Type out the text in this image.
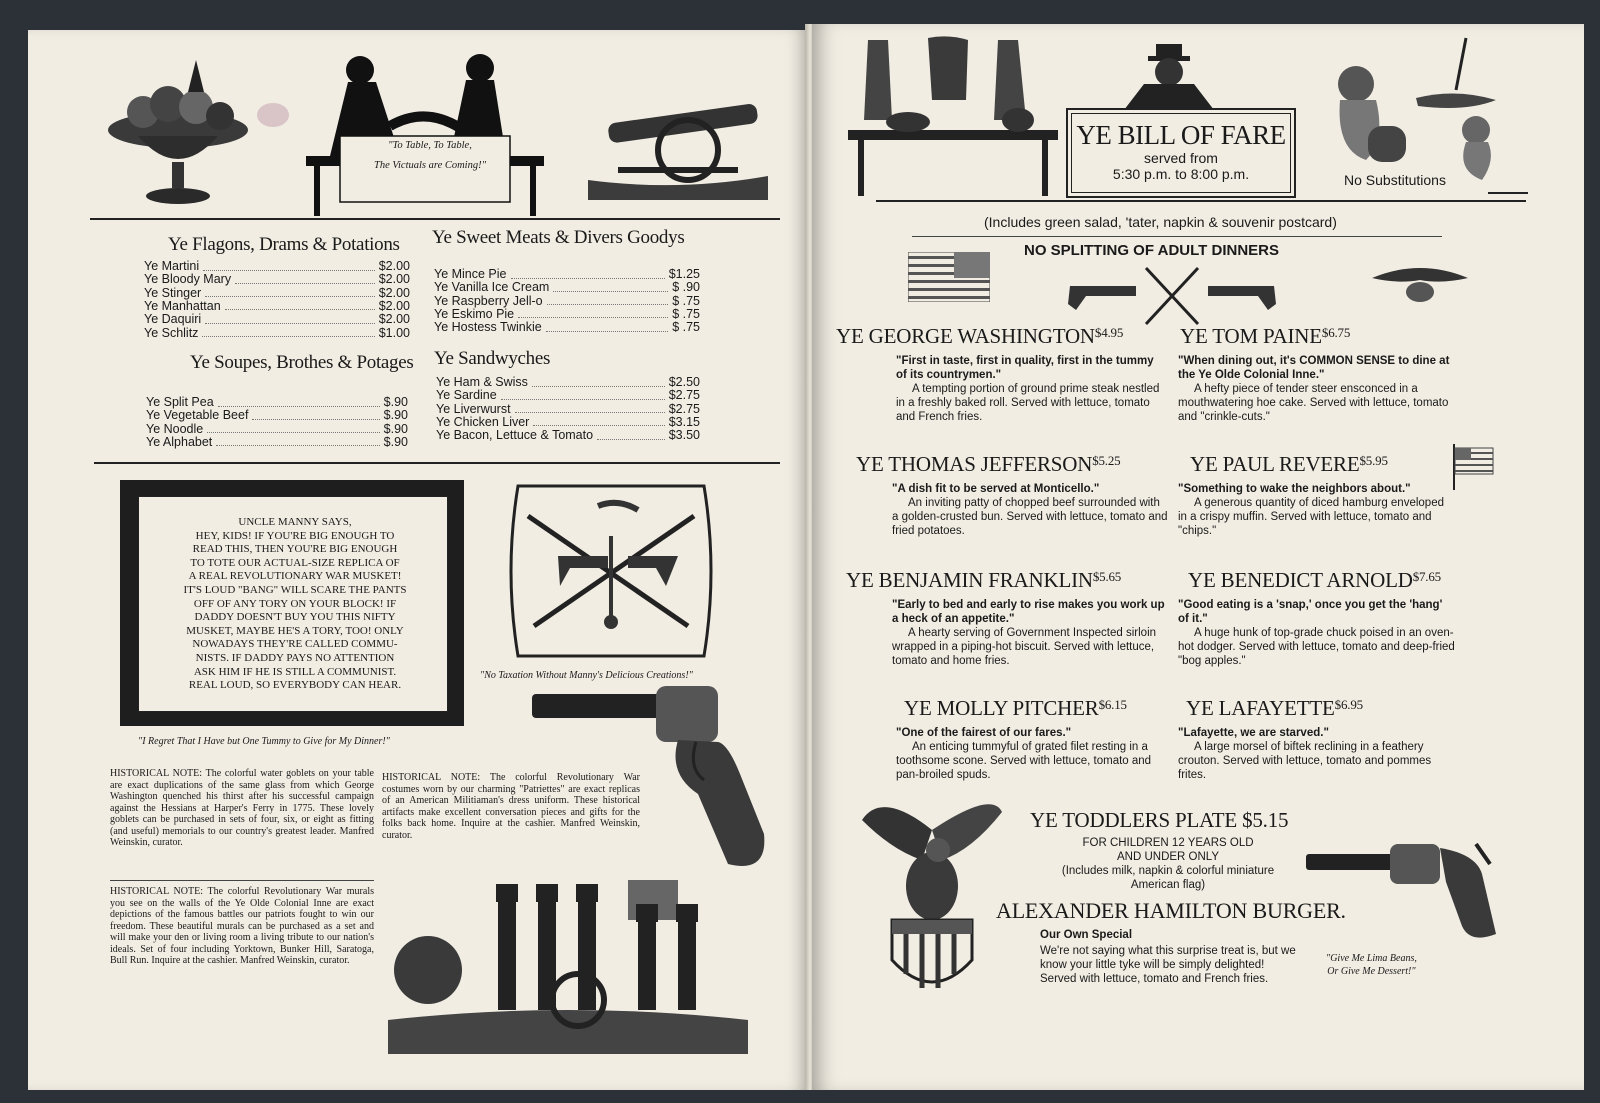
"To Table, To Table,
The Victuals are Coming!"
Ye Flagons, Drams & Potations Ye Sweet Meats & Divers Goodys
Ye Soupes, Brothes & Potages Ye Sandwyches
UNCLE MANNY SAYS,
HEY, KIDS! IF YOU'RE BIG ENOUGH TO
READ THIS, THEN YOU'RE BIG ENOUGH
TO TOTE OUR ACTUAL-SIZE REPLICA OF
A REAL REVOLUTIONARY WAR MUSKET!
IT'S LOUD "BANG" WILL SCARE THE PANTS
OFF OF ANY TORY ON YOUR BLOCK! IF
DADDY DOESN'T BUY YOU THIS NIFTY
MUSKET, MAYBE HE'S A TORY, TOO! ONLY
NOWADAYS THEY'RE CALLED COMMU-
NISTS. IF DADDY PAYS NO ATTENTION
ASK HIM IF HE IS STILL A COMMUNIST.
REAL LOUD, SO EVERYBODY CAN HEAR.
"I Regret That I Have but One Tummy to Give for My Dinner!"
"No Taxation Without Manny's Delicious Creations!"
HISTORICAL NOTE: The colorful water goblets on your table are exact duplications of the same glass from which George Washington quenched his thirst after his successful campaign against the Hessians at Harper's Ferry in 1775. These lovely goblets can be purchased in sets of four, six, or eight as fitting (and useful) memorials to our country's greatest leader. Manfred Weinskin, curator.
HISTORICAL NOTE: The colorful Revolutionary War costumes worn by our charming "Patriettes" are exact replicas of an American Militiaman's dress uniform. These historical artifacts make excellent conversation pieces and gifts for the folks back home. Inquire at the cashier. Manfred Weinskin, curator.
HISTORICAL NOTE: The colorful Revolutionary War murals you see on the walls of the Ye Olde Colonial Inne are exact depictions of the famous battles our patriots fought to win our freedom. These beautiful murals can be purchased as a set and will make your den or living room a living tribute to our nation's ideals. Set of four including Yorktown, Bunker Hill, Saratoga, Bull Run. Inquire at the cashier. Manfred Weinskin, curator.
Ye Martini	$2.00
Ye Bloody Mary	$2.00
Ye Stinger	$2.00
Ye Manhattan	$2.00
Ye Daquiri	$2.00
Ye Schlitz	$1.00
Ye Mince Pie	$1.25
Ye Vanilla Ice Cream	$ .90
Ye Raspberry Jell-o	$ .75
Ye Eskimo Pie	$ .75
Ye Hostess Twinkie	$ .75
Ye Split Pea	$.90
Ye Vegetable Beef	$.90
Ye Noodle	$.90
Ye Alphabet	$.90
Ye Ham & Swiss	$2.50
Ye Sardine	$2.75
Ye Liverwurst	$2.75
Ye Chicken Liver	$3.15
Ye Bacon, Lettuce & Tomato	$3.50
YE BILL OF FARE
served from
5:30 p.m. to 8:00 p.m.	No Substitutions
(Includes green salad, 'tater, napkin & souvenir postcard)
NO SPLITTING OF ADULT DINNERS
YE TODDLERS PLATE $5.15
FOR CHILDREN 12 YEARS OLD
AND UNDER ONLY
(Includes milk, napkin & colorful miniature
American flag)
ALEXANDER HAMILTON BURGER.
Our Own Special
We're not saying what this surprise treat is, but we know your little tyke will be simply delighted! Served with lettuce, tomato and French fries.
"Give Me Lima Beans,
Or Give Me Dessert!"
YE GEORGE $WASHINGTON^{\$4.95}$
"First in taste, first in quality, first in the tummy of its countrymen."
A tempting portion of ground prime steak nestled in a freshly baked roll. Served with lettuce, tomato and French fries.
YE TOM $PAINE^{\$6.75}$
"When dining out, it's COMMON SENSE to dine at the Ye Olde Colonial Inne."
A hefty piece of tender steer ensconced in a mouthwatering hoe cake. Served with lettuce, tomato and "crinkle-cuts."
YE THOMAS $JEFFERSON^{\$5.25}$
"A dish fit to be served at Monticello."
An inviting patty of chopped beef surrounded with a golden-crusted bun. Served with lettuce, tomato and fried potatoes.
YE PAUL $REVERE^{\$5.95}$
"Something to wake the neighbors about."
A generous quantity of diced hamburg enveloped in a crispy muffin. Served with lettuce, tomato and "chips."
YE BENJAMIN $FRANKLIN^{\$5.65}$
"Early to bed and early to rise makes you work up a heck of an appetite."
A hearty serving of Government Inspected sirloin wrapped in a piping-hot biscuit. Served with lettuce, tomato and home fries.
YE BENEDICT $ARNOLD^{\$7.65}$
"Good eating is a 'snap,' once you get the 'hang' of it."
A huge hunk of top-grade chuck poised in an oven-hot dodger. Served with lettuce, tomato and deep-fried "bog apples."
YE MOLLY $PITCHER^{\$6.15}$
"One of the fairest of our fares."
An enticing tummyful of grated filet resting in a toothsome scone. Served with lettuce, tomato and pan-broiled spuds.
YE $LAFAYETTE^{\$6.95}$
"Lafayette, we are starved."
A large morsel of biftek reclining in a feathery crouton. Served with lettuce, tomato and pommes frites.
